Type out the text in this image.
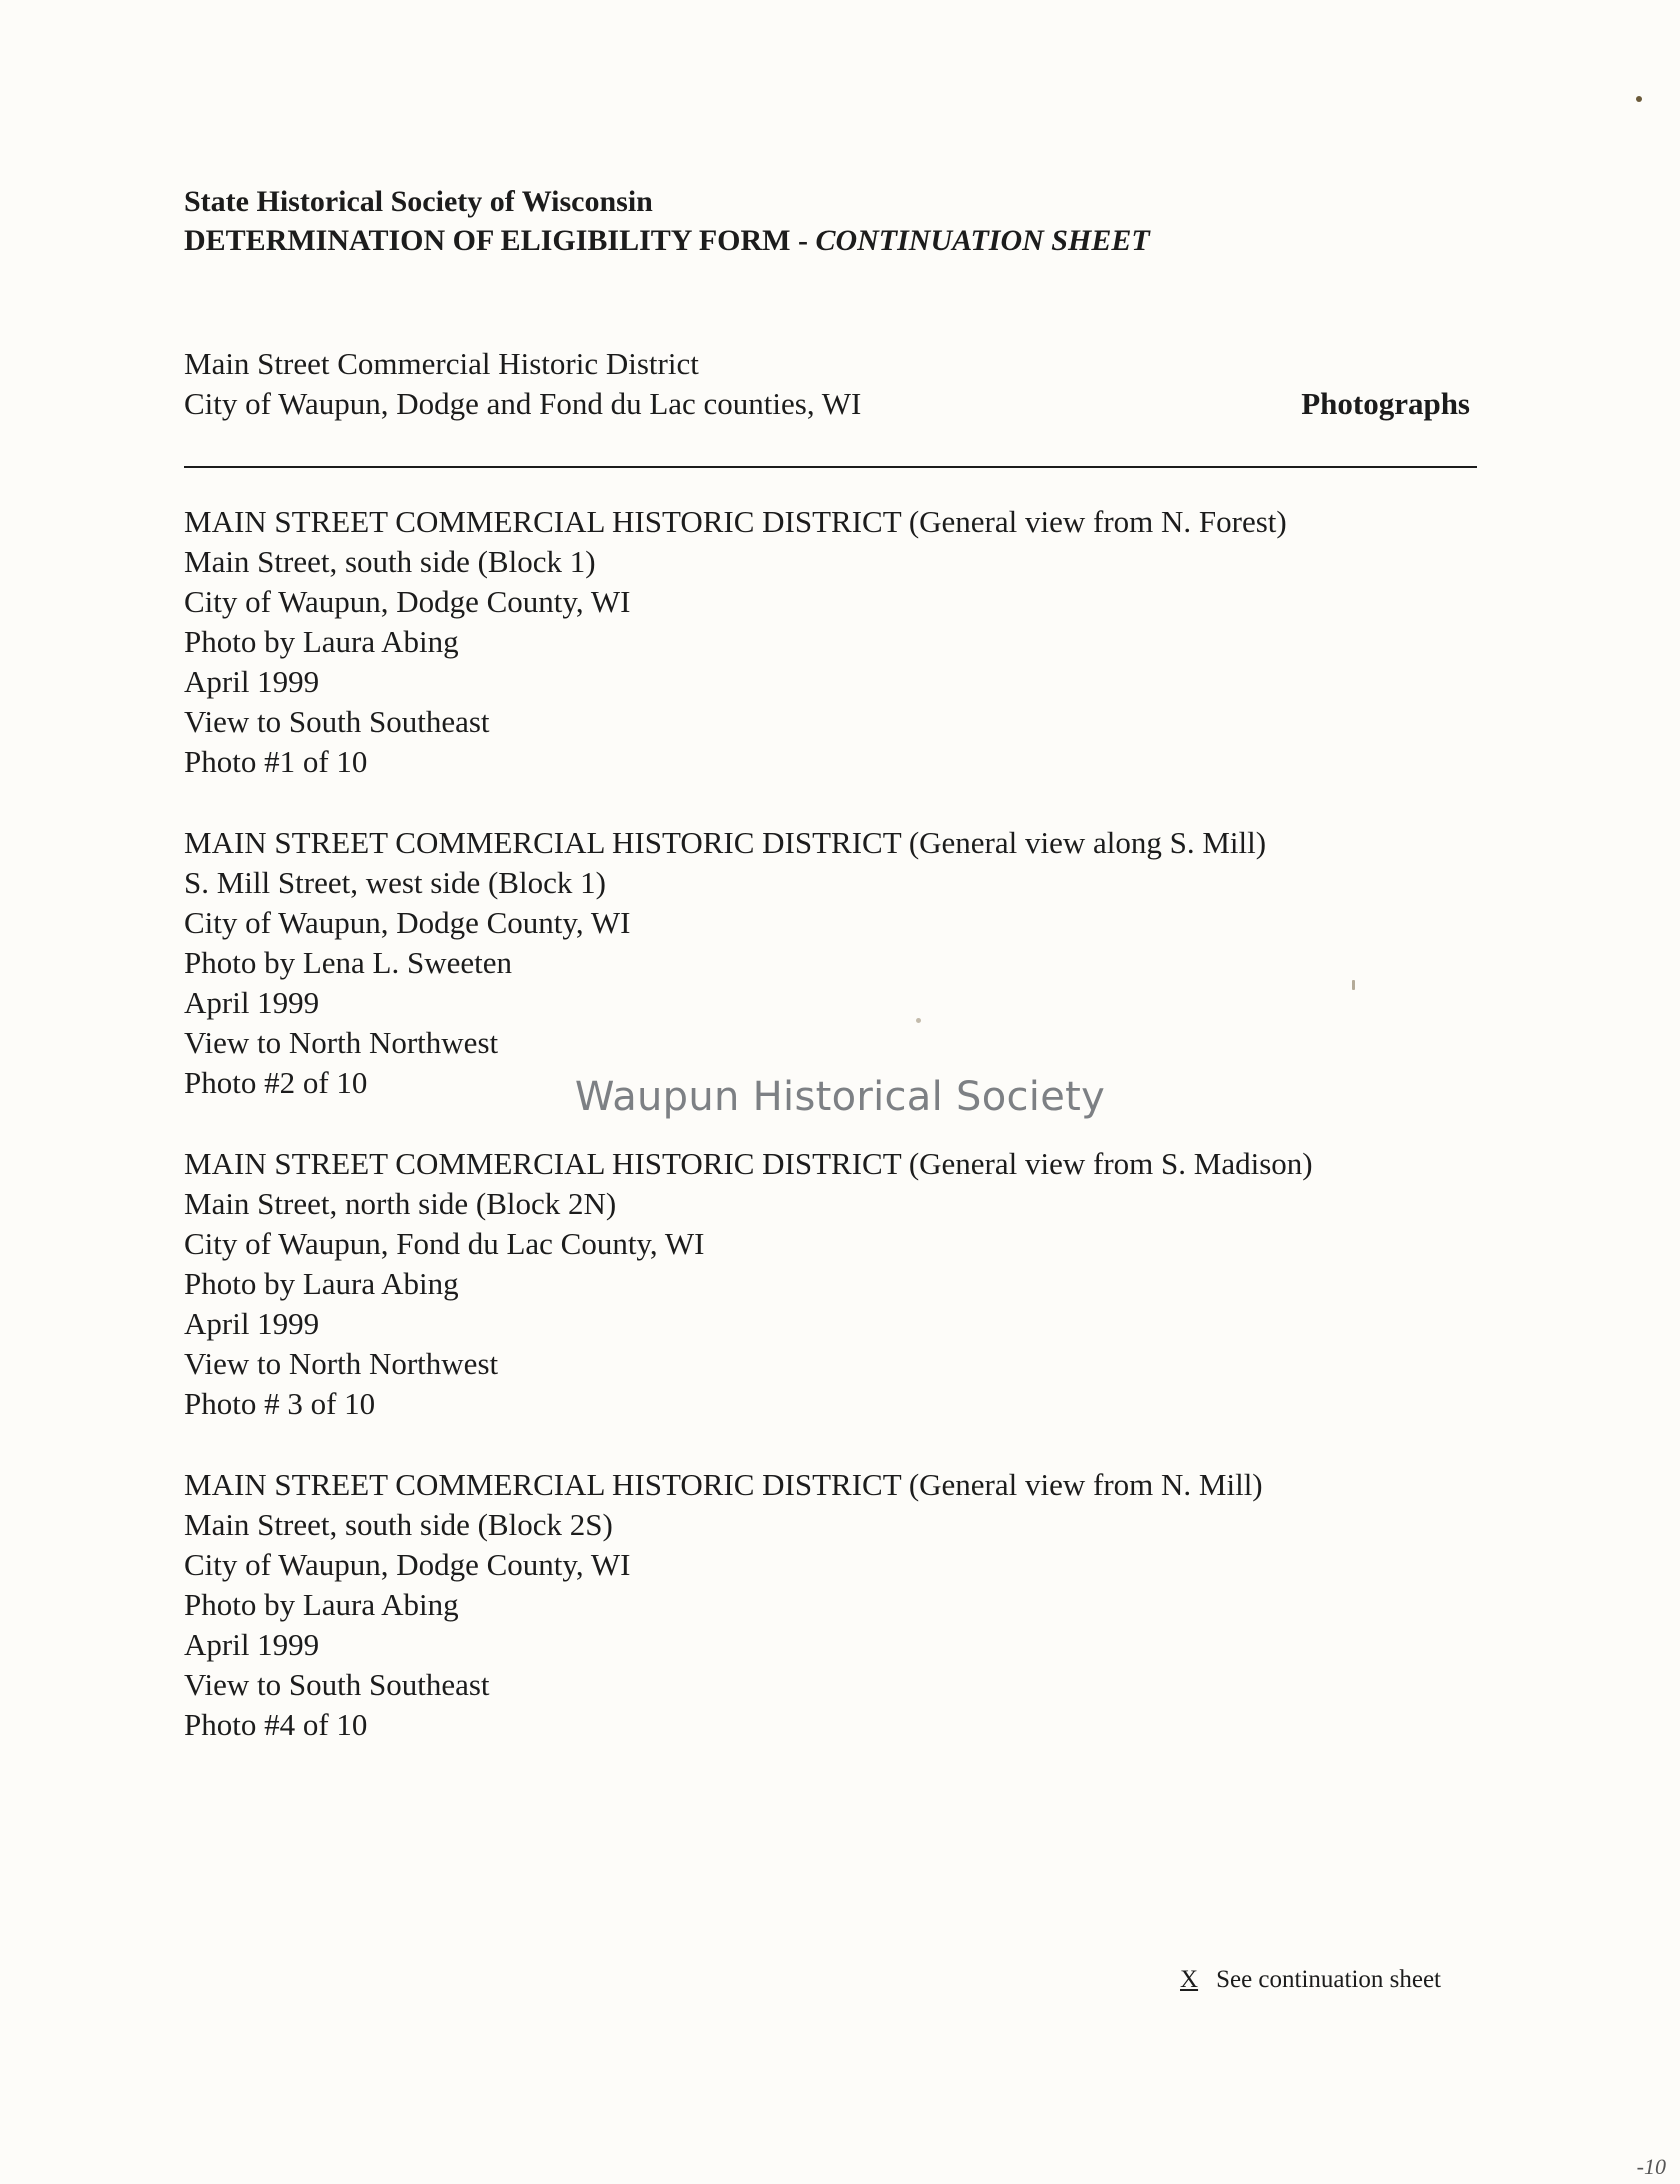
State Historical Society of Wisconsin
DETERMINATION OF ELIGIBILITY FORM - CONTINUATION SHEET
Main Street Commercial Historic District
City of Waupun, Dodge and Fond du Lac counties, WI	Photographs
MAIN STREET COMMERCIAL HISTORIC DISTRICT (General view from N. Forest)
Main Street, south side (Block 1)
City of Waupun, Dodge County, WI
Photo by Laura Abing
April 1999
View to South Southeast
Photo #1 of 10
MAIN STREET COMMERCIAL HISTORIC DISTRICT (General view along S. Mill)
S. Mill Street, west side (Block 1)
City of Waupun, Dodge County, WI
Photo by Lena L. Sweeten
April 1999
View to North Northwest
Photo #2 of 10
MAIN STREET COMMERCIAL HISTORIC DISTRICT (General view from S. Madison)
Main Street, north side (Block 2N)
City of Waupun, Fond du Lac County, WI
Photo by Laura Abing
April 1999
View to North Northwest
Photo # 3 of 10
MAIN STREET COMMERCIAL HISTORIC DISTRICT (General view from N. Mill)
Main Street, south side (Block 2S)
City of Waupun, Dodge County, WI
Photo by Laura Abing
April 1999
View to South Southeast
Photo #4 of 10
Waupun Historical Society
X See continuation sheet
-10
